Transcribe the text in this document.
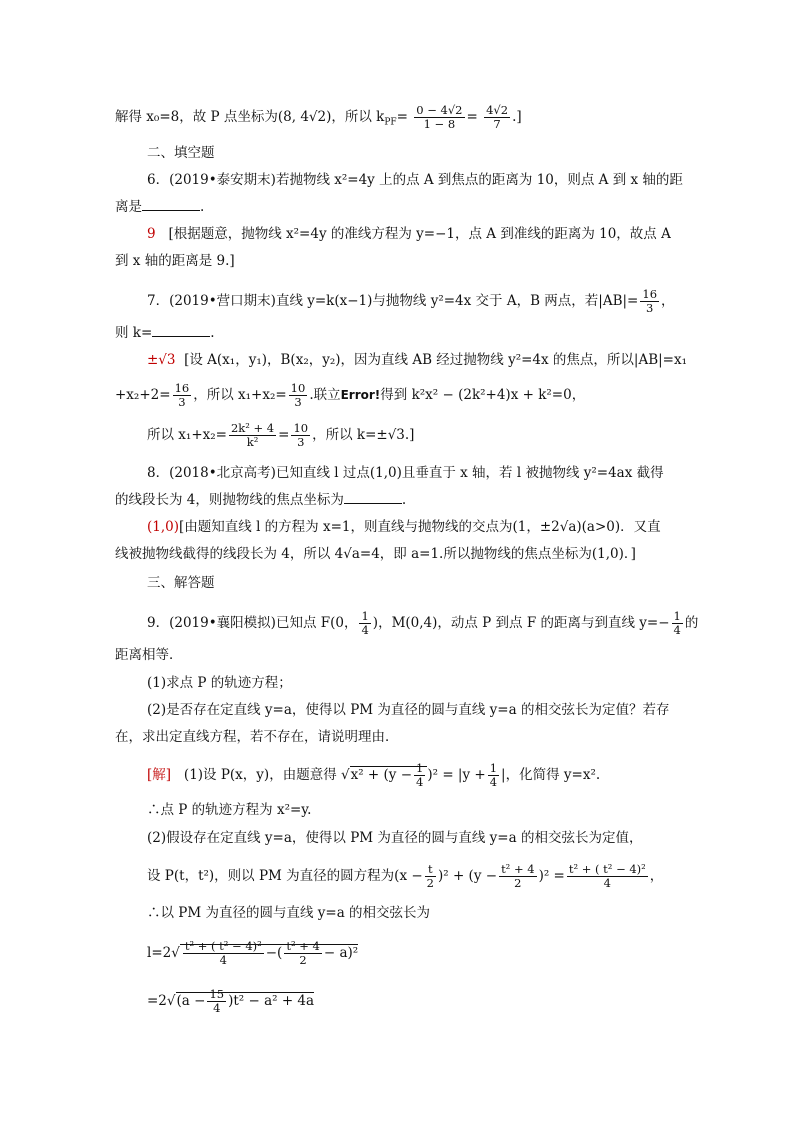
解得 x₀=8，故 P 点坐标为(8, 4√2)，所以 $k_{PF}= \frac{0 - 4√2}{1 - 8} = \frac{4√2}{7}$ .]
二、填空题
6．(2019•泰安期末)若抛物线 x²=4y 上的点 A 到焦点的距离为 10，则点 A 到 x 轴的距
离是	.
9 [根据题意，抛物线 x²=4y 的准线方程为 y=−1，点 A 到准线的距离为 10，故点 A
到 x 轴的距离是 9.]
7．(2019•营口期末)直线 y=k(x−1)与抛物线 y²=4x 交于 A，B 两点，若$|AB|= \frac{16}{3}$ ，
则 k=	.
±√3 [设 A(x₁，y₁)，B(x₂，y₂)，因为直线 AB 经过抛物线 y²=4x 的焦点，所以|AB|=x₁
$+x_2+2= \frac{16}{3}$ ，所以 $x_1+x_2= \frac{10}{3}$ .联立Error!得到 k²x² − (2k²+4)x + k²=0，
所以 $x_1+x_2= \frac{\text{2k² + 4}}{\text{k²}} = \frac{10}{3}$ ，所以 k=±√3.]
8．(2018•北京高考)已知直线 l 过点(1,0)且垂直于 x 轴，若 l 被抛物线 y²=4ax 截得
的线段长为 4，则抛物线的焦点坐标为	.
(1,0)[由题知直线 l 的方程为 x=1，则直线与抛物线的交点为(1，±2√a)(a>0)．又直
线被抛物线截得的线段长为 4，所以 4√a=4，即 a=1.所以抛物线的焦点坐标为(1,0)．]
三、解答题
9．(2019•襄阳模拟)已知点 F(0， $\frac{1}{4}$ )，M(0,4)，动点 P 到点 F 的距离与到直线 $y=- \frac{1}{4}$ 的
距离相等．
(1)求点 P 的轨迹方程；
(2)是否存在定直线 y=a，使得以 PM 为直径的圆与直线 y=a 的相交弦长为定值？若存
在，求出定直线方程，若不存在，请说明理由．
[解] (1)设 P(x，y)，由题意得 $√x^2 + (y - \frac{1}{4} )^2 = |y + \frac{1}{4}$ |，化简得 y=x².
∴点 P 的轨迹方程为 x²=y.
(2)假设存在定直线 y=a，使得以 PM 为直径的圆与直线 y=a 的相交弦长为定值，
设 P(t，t²)，则以 PM 为直径的圆方程为$(x - \frac{t}{2} )^2 + (y - \frac{\text{t² + 4}}{2} )^2 = \frac{\text{t² + ( t² − 4)²}}{4}$ ，
∴以 PM 为直径的圆与直线 y=a 的相交弦长为
$l=2√ \frac{\text{t² + ( t² − 4)²}}{4}$ −( $\frac{\text{t² + 4}}{2} - a)^2$
$=2√(a - \frac{15}{4} )t^2 - a^2 + 4a$
